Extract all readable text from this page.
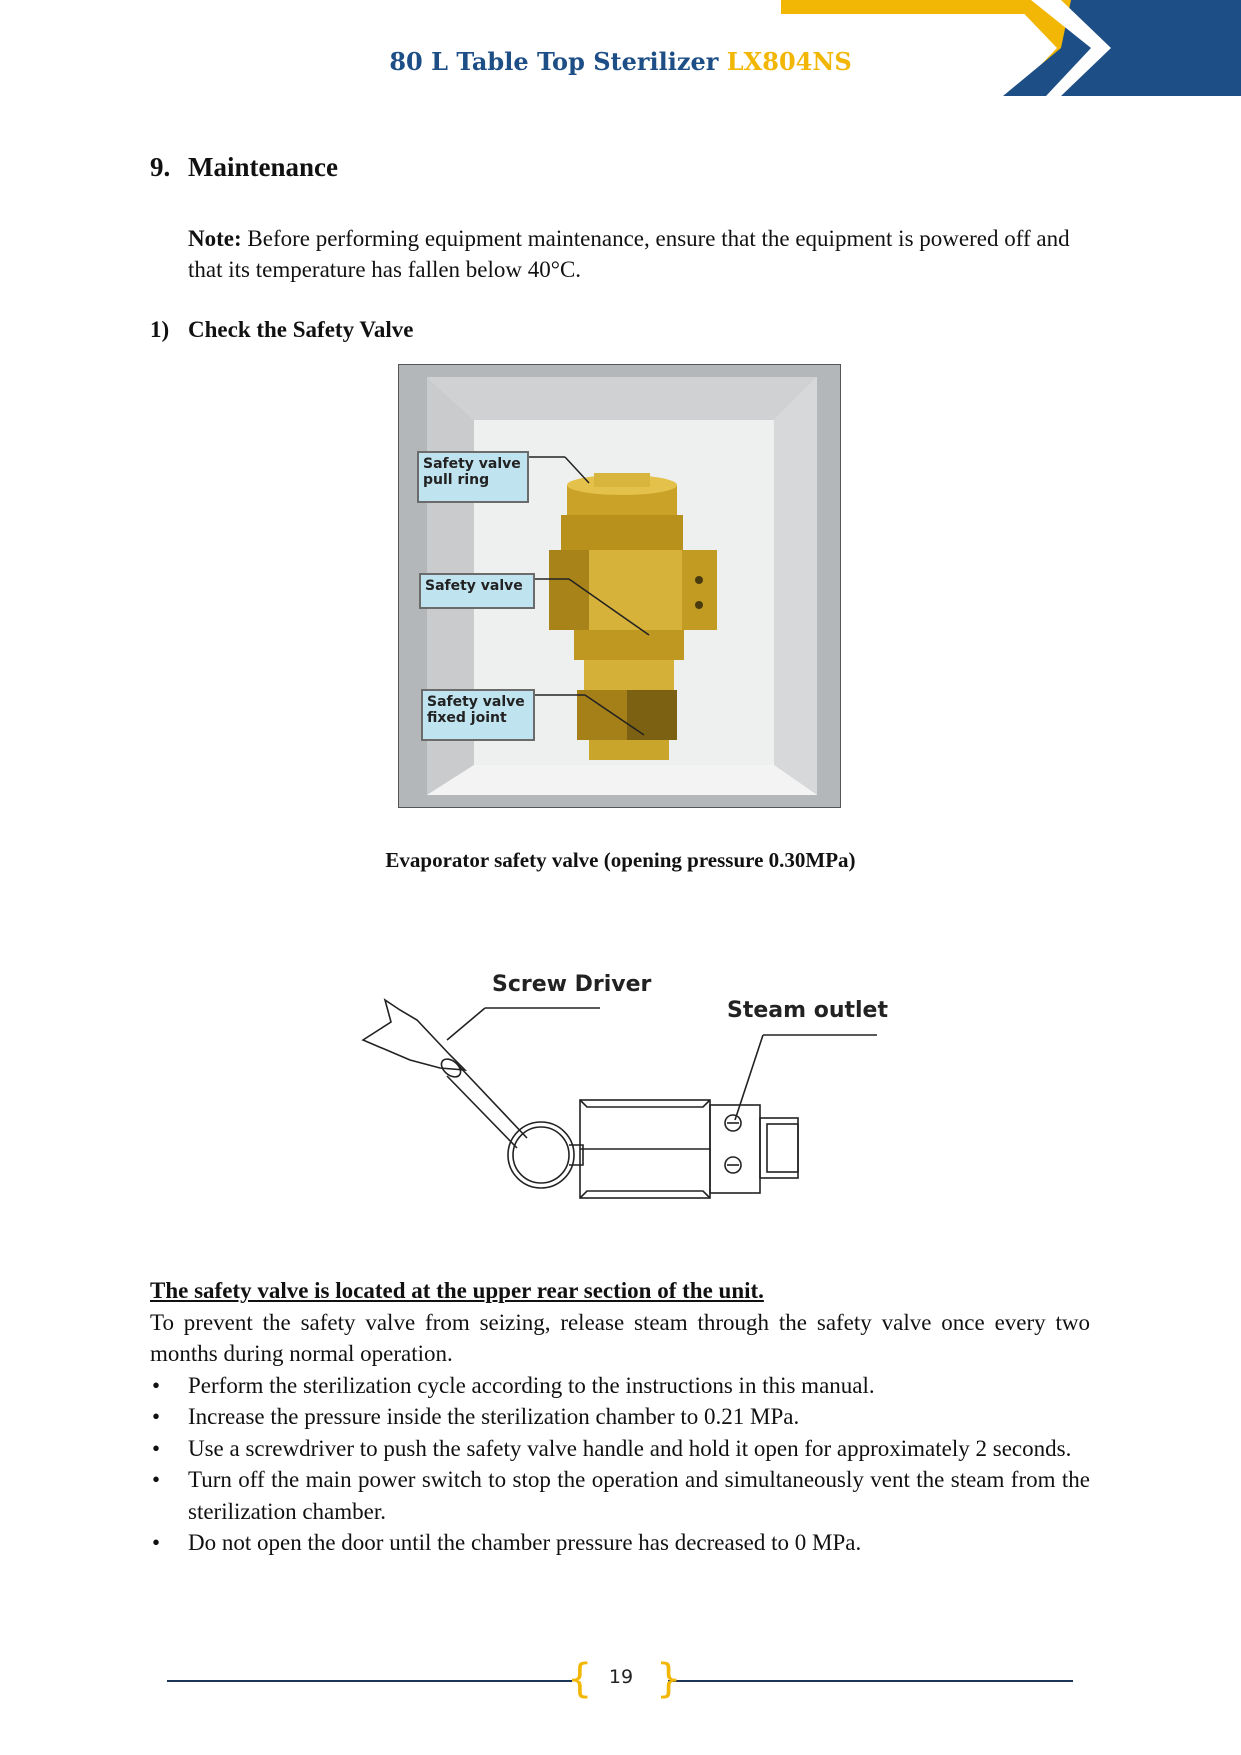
80 L Table Top Sterilizer LX804NS
9. Maintenance
Note: Before performing equipment maintenance, ensure that the equipment is powered off and that its temperature has fallen below 40°C.
1) Check the Safety Valve
Safety valve pull ring
Safety valve
Safety valve fixed joint
Evaporator safety valve (opening pressure 0.30MPa)
Screw Driver
Steam outlet

The safety valve is located at the upper rear section of the unit.

To prevent the safety valve from seizing, release steam through the safety valve once every two months during normal operation.

• Perform the sterilization cycle according to the instructions in this manual.
• Increase the pressure inside the sterilization chamber to 0.21 MPa.
• Use a screwdriver to push the safety valve handle and hold it open for approximately 2 seconds.
• Turn off the main power switch to stop the operation and simultaneously vent the steam from the sterilization chamber.
• Do not open the door until the chamber pressure has decreased to 0 MPa.
{ }
19
